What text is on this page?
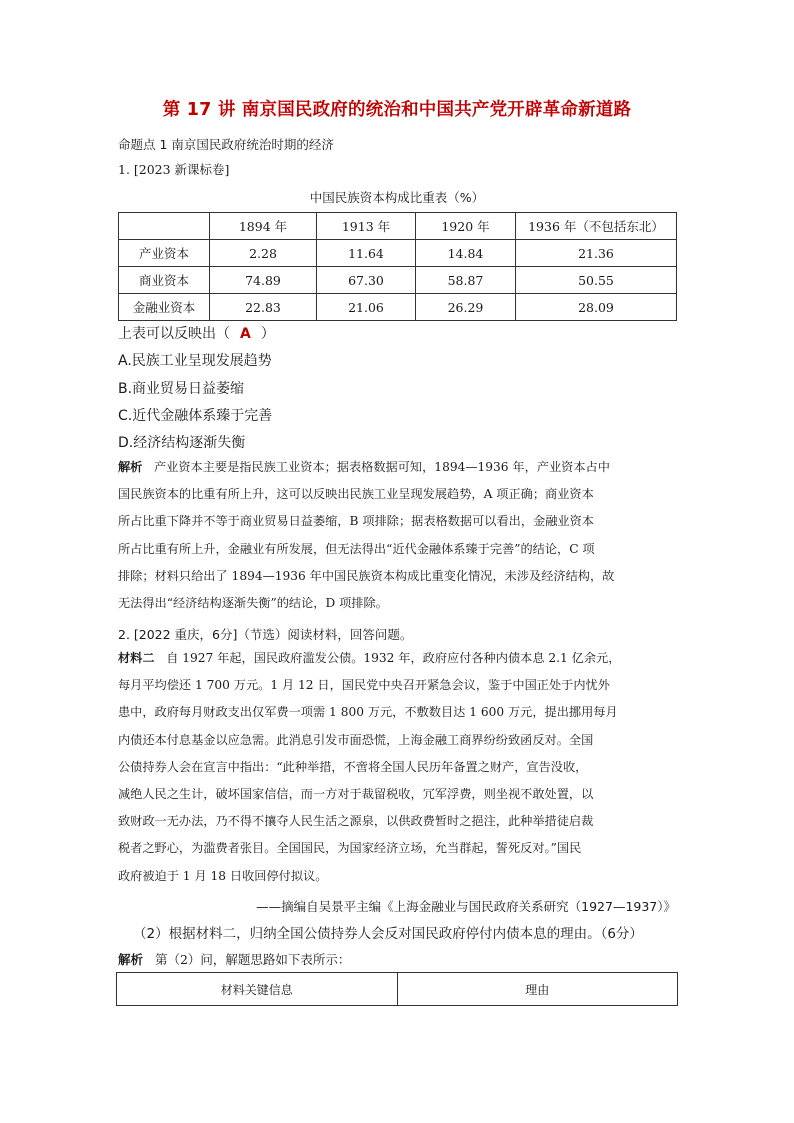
第 17 讲 南京国民政府的统治和中国共产党开辟革命新道路
命题点 1 南京国民政府统治时期的经济
1. [2023 新课标卷]
中国民族资本构成比重表（%）
	1894 年	1913 年	1920 年	1936 年（不包括东北）
产业资本	2.28	11.64	14.84	21.36
商业资本	74.89	67.30	58.87	50.55
金融业资本	22.83	21.06	26.29	28.09
上表可以反映出（ A ）
A.民族工业呈现发展趋势
B.商业贸易日益萎缩
C.近代金融体系臻于完善
D.经济结构逐渐失衡
解析 产业资本主要是指民族工业资本；据表格数据可知，1894—1936 年，产业资本占中
国民族资本的比重有所上升，这可以反映出民族工业呈现发展趋势，A 项正确；商业资本
所占比重下降并不等于商业贸易日益萎缩，B 项排除；据表格数据可以看出，金融业资本
所占比重有所上升，金融业有所发展，但无法得出“近代金融体系臻于完善”的结论，C 项
排除；材料只给出了 1894—1936 年中国民族资本构成比重变化情况，未涉及经济结构，故
无法得出“经济结构逐渐失衡”的结论，D 项排除。
2. [2022 重庆，6分]（节选）阅读材料，回答问题。
材料二 自 1927 年起，国民政府滥发公债。1932 年，政府应付各种内债本息 2.1 亿余元，
每月平均偿还 1 700 万元。1 月 12 日，国民党中央召开紧急会议，鉴于中国正处于内忧外
患中，政府每月财政支出仅军费一项需 1 800 万元，不敷数目达 1 600 万元，提出挪用每月
内债还本付息基金以应急需。此消息引发市面恐慌，上海金融工商界纷纷致函反对。全国
公债持券人会在宣言中指出：“此种举措，不啻将全国人民历年备置之财产，宣告没收，
减绝人民之生计，破坏国家信信，而一方对于裁留税收，冗军浮费，则坐视不敢处置，以
致财政一无办法，乃不得不攘夺人民生活之源泉，以供政费暂时之挹注，此种举措徒启裁
税者之野心，为滥费者张目。全国国民，为国家经济立场，允当群起，誓死反对。”国民
政府被迫于 1 月 18 日收回停付拟议。
——摘编自吴景平主编《上海金融业与国民政府关系研究（1927—1937）》
（2）根据材料二，归纳全国公债持券人会反对国民政府停付内债本息的理由。（6分）
解析 第（2）问，解题思路如下表所示：
材料关键信息	理由
